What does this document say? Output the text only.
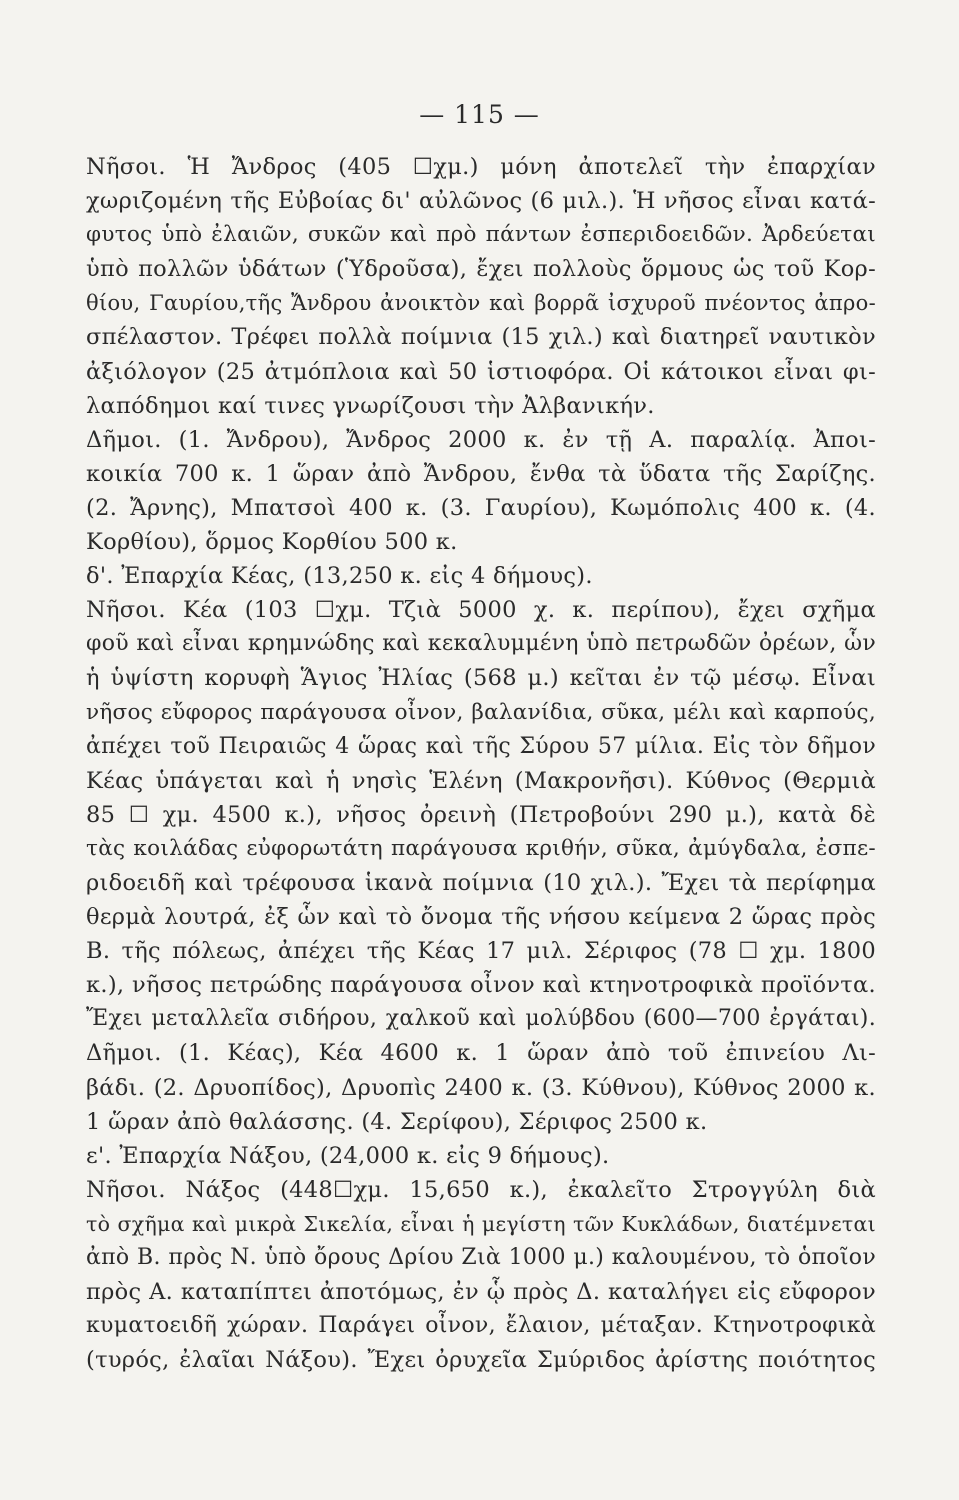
— 115 —
Νῆσοι. Ἡ Ἄνδρος (405 ☐χμ.) μόνη ἀποτελεῖ τὴν ἐπαρχίαν
χωριζομένη τῆς Εὐβοίας δι' αὐλῶνος (6 μιλ.). Ἡ νῆσος εἶναι κατά-
φυτος ὑπὸ ἐλαιῶν, συκῶν καὶ πρὸ πάντων ἐσπεριδοειδῶν. Ἀρδεύεται
ὑπὸ πολλῶν ὑδάτων (Ὑδροῦσα), ἔχει πολλοὺς ὅρμους ὡς τοῦ Κορ-
θίου, Γαυρίου,τῆς Ἄνδρου ἀνοικτὸν καὶ βορρᾶ ἰσχυροῦ πνέοντος ἀπρο-
σπέλαστον. Τρέφει πολλὰ ποίμνια (15 χιλ.) καὶ διατηρεῖ ναυτικὸν
ἀξιόλογον (25 ἀτμόπλοια καὶ 50 ἱστιοφόρα. Οἱ κάτοικοι εἶναι φι-
λαπόδημοι καί τινες γνωρίζουσι τὴν Ἀλβανικήν.
Δῆμοι. (1. Ἄνδρου), Ἄνδρος 2000 κ. ἐν τῇ Α. παραλίᾳ. Ἀποι-
κοικία 700 κ. 1 ὥραν ἀπὸ Ἄνδρου, ἔνθα τὰ ὕδατα τῆς Σαρίζης.
(2. Ἄρνης), Μπατσοὶ 400 κ. (3. Γαυρίου), Κωμόπολις 400 κ. (4.
Κορθίου), ὅρμος Κορθίου 500 κ.
δ'. Ἐπαρχία Κέας, (13,250 κ. εἰς 4 δήμους).
Νῆσοι. Κέα (103 ☐χμ. Τζιὰ 5000 χ. κ. περίπου), ἔχει σχῆμα
φοῦ καὶ εἶναι κρημνώδης καὶ κεκαλυμμένη ὑπὸ πετρωδῶν ὀρέων, ὧν
ἡ ὑψίστη κορυφὴ Ἅγιος Ἠλίας (568 μ.) κεῖται ἐν τῷ μέσῳ. Εἶναι
νῆσος εὔφορος παράγουσα οἶνον, βαλανίδια, σῦκα, μέλι καὶ καρπούς,
ἀπέχει τοῦ Πειραιῶς 4 ὥρας καὶ τῆς Σύρου 57 μίλια. Εἰς τὸν δῆμον
Κέας ὑπάγεται καὶ ἡ νησὶς Ἑλένη (Μακρονῆσι). Κύθνος (Θερμιὰ
85 ☐ χμ. 4500 κ.), νῆσος ὀρεινὴ (Πετροβούνι 290 μ.), κατὰ δὲ
τὰς κοιλάδας εὐφορωτάτη παράγουσα κριθήν, σῦκα, ἀμύγδαλα, ἐσπε-
ριδοειδῆ καὶ τρέφουσα ἱκανὰ ποίμνια (10 χιλ.). Ἔχει τὰ περίφημα
θερμὰ λουτρά, ἐξ ὧν καὶ τὸ ὄνομα τῆς νήσου κείμενα 2 ὥρας πρὸς
Β. τῆς πόλεως, ἀπέχει τῆς Κέας 17 μιλ. Σέριφος (78 ☐ χμ. 1800
κ.), νῆσος πετρώδης παράγουσα οἶνον καὶ κτηνοτροφικὰ προϊόντα.
Ἔχει μεταλλεῖα σιδήρου, χαλκοῦ καὶ μολύβδου (600—700 ἐργάται).
Δῆμοι. (1. Κέας), Κέα 4600 κ. 1 ὥραν ἀπὸ τοῦ ἐπινείου Λι-
βάδι. (2. Δρυοπίδος), Δρυοπὶς 2400 κ. (3. Κύθνου), Κύθνος 2000 κ.
1 ὥραν ἀπὸ θαλάσσης. (4. Σερίφου), Σέριφος 2500 κ.
ε'. Ἐπαρχία Νάξου, (24,000 κ. εἰς 9 δήμους).
Νῆσοι. Νάξος (448☐χμ. 15,650 κ.), ἐκαλεῖτο Στρογγύλη διὰ
τὸ σχῆμα καὶ μικρὰ Σικελία, εἶναι ἡ μεγίστη τῶν Κυκλάδων, διατέμνεται
ἀπὸ Β. πρὸς Ν. ὑπὸ ὄρους Δρίου Ζιὰ 1000 μ.) καλουμένου, τὸ ὁποῖον
πρὸς Α. καταπίπτει ἀποτόμως, ἐν ᾧ πρὸς Δ. καταλήγει εἰς εὔφορον
κυματοειδῆ χώραν. Παράγει οἶνον, ἔλαιον, μέταξαν. Κτηνοτροφικὰ
(τυρός, ἐλαῖαι Νάξου). Ἔχει ὀρυχεῖα Σμύριδος ἀρίστης ποιότητος
